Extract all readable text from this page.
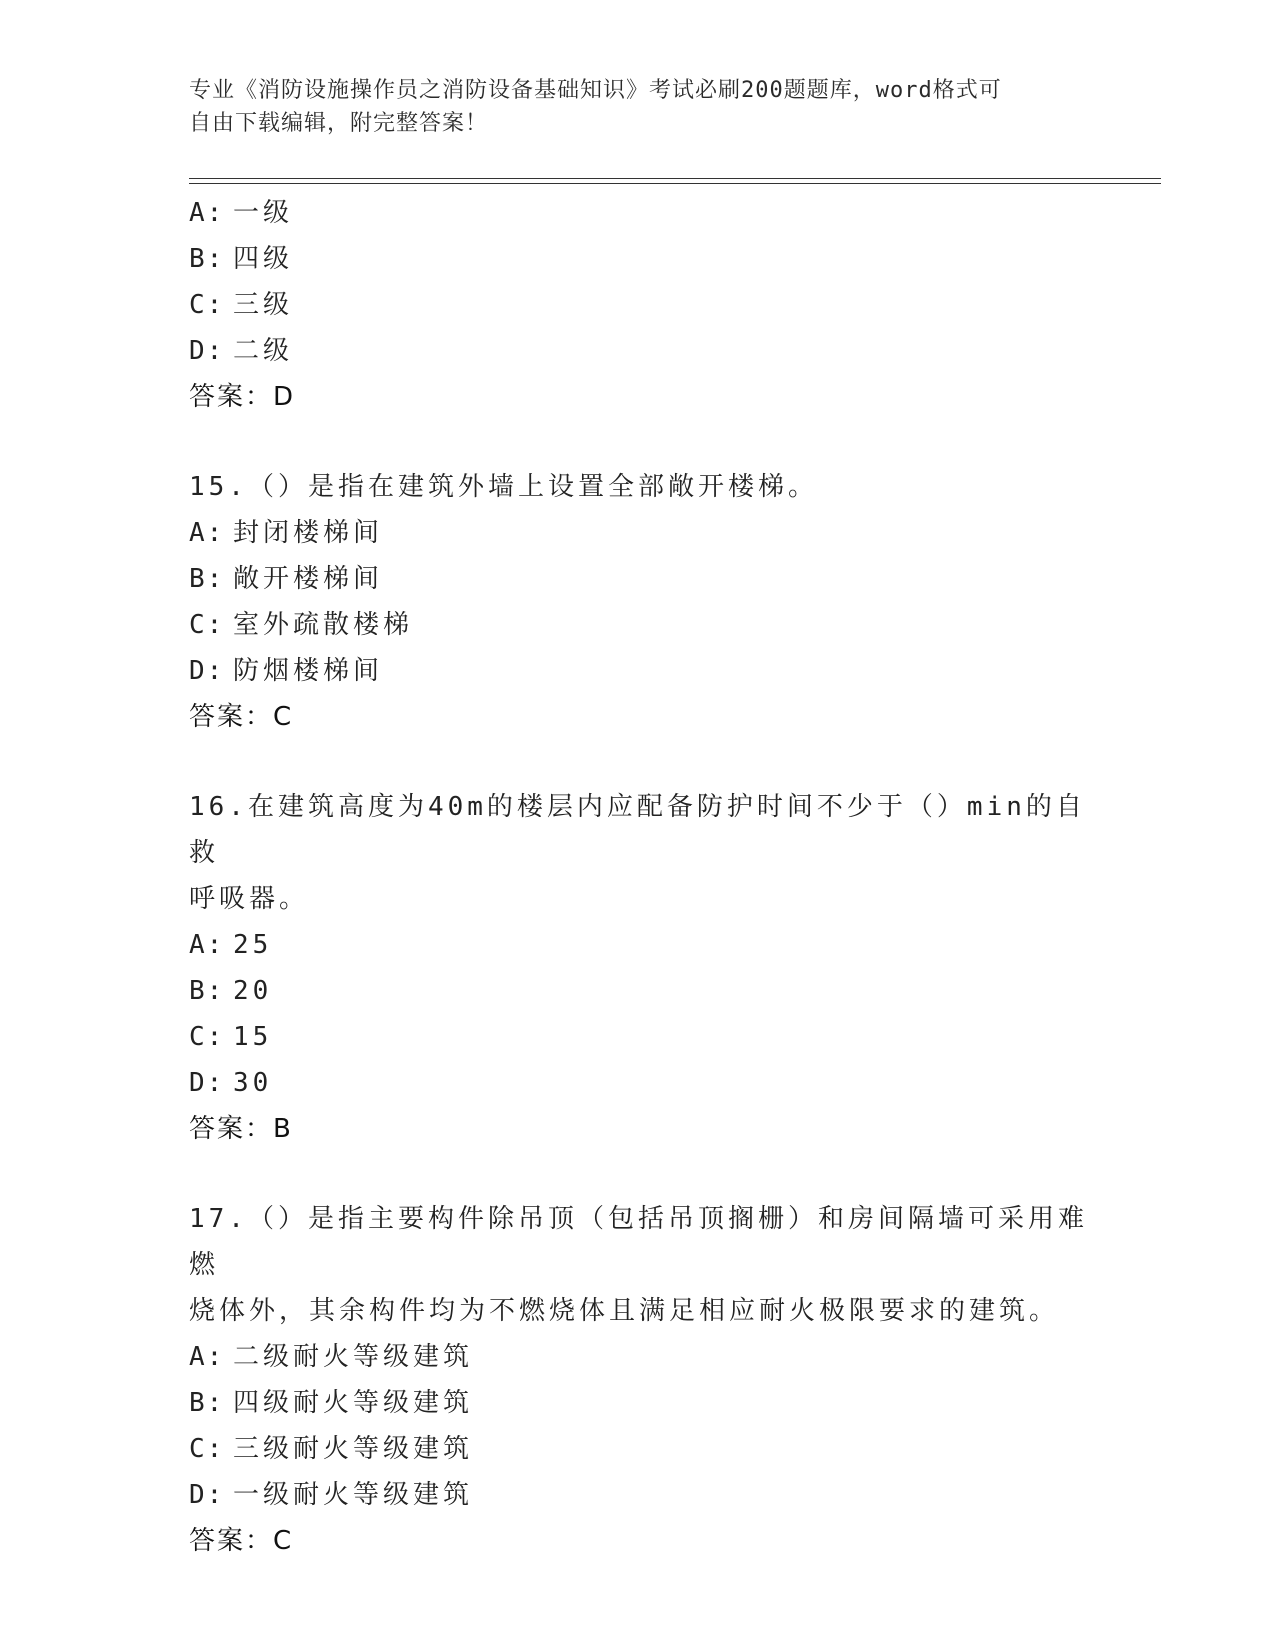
专业《消防设施操作员之消防设备基础知识》考试必刷200题题库，word格式可
自由下载编辑，附完整答案！
A: 一级
B: 四级
C: 三级
D: 二级
答案：D
15.（）是指在建筑外墙上设置全部敞开楼梯。
A: 封闭楼梯间
B: 敞开楼梯间
C: 室外疏散楼梯
D: 防烟楼梯间
答案：C
16.在建筑高度为40m的楼层内应配备防护时间不少于（）min的自救
呼吸器。
A: 25
B: 20
C: 15
D: 30
答案：B
17.（）是指主要构件除吊顶（包括吊顶搁栅）和房间隔墙可采用难燃
烧体外，其余构件均为不燃烧体且满足相应耐火极限要求的建筑。
A: 二级耐火等级建筑
B: 四级耐火等级建筑
C: 三级耐火等级建筑
D: 一级耐火等级建筑
答案：C
